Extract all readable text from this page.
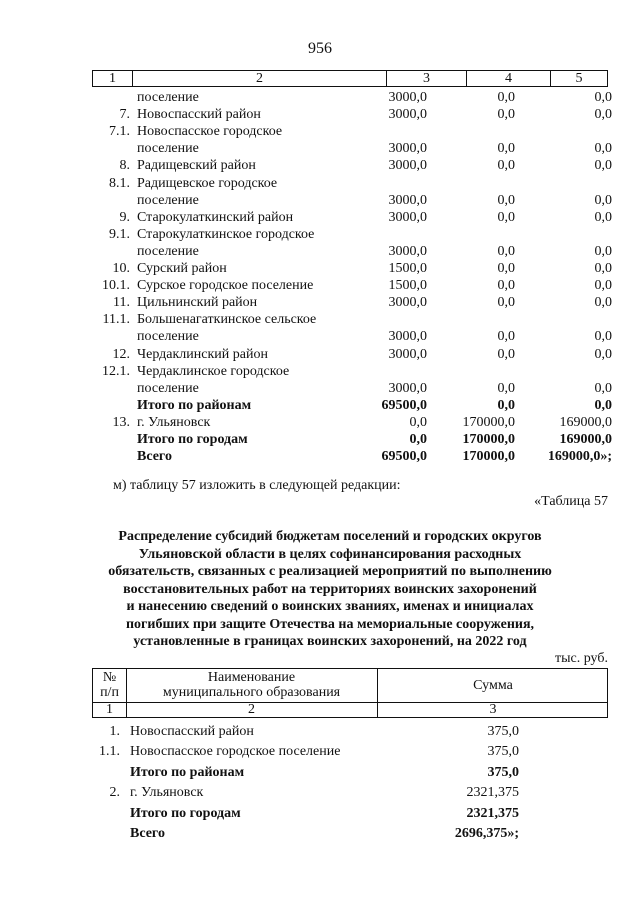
956
1	2	3	4	5
поселение	3000,0	0,0	0,0
7. Новоспасский район	3000,0	0,0	0,0
7.1. Новоспасское городское
поселение	3000,0	0,0	0,0
8. Радищевский район	3000,0	0,0	0,0
8.1. Радищевское городское
поселение	3000,0	0,0	0,0
9. Старокулаткинский район	3000,0	0,0	0,0
9.1. Старокулаткинское городское
поселение	3000,0	0,0	0,0
10. Сурский район	1500,0	0,0	0,0
10.1. Сурское городское поселение	1500,0	0,0	0,0
11. Цильнинский район	3000,0	0,0	0,0
11.1. Большенагаткинское сельское
поселение	3000,0	0,0	0,0
12. Чердаклинский район	3000,0	0,0	0,0
12.1. Чердаклинское городское
поселение	3000,0	0,0	0,0
Итого по районам	69500,0	0,0	0,0
13. г. Ульяновск	0,0	170000,0	169000,0
Итого по городам	0,0	170000,0	169000,0
Всего	69500,0	170000,0	169000,0»;
м) таблицу 57 изложить в следующей редакции:
«Таблица 57
Распределение субсидий бюджетам поселений и городских округов
Ульяновской области в целях софинансирования расходных
обязательств, связанных с реализацией мероприятий по выполнению
восстановительных работ на территориях воинских захоронений
и нанесению сведений о воинских званиях, именах и инициалах
погибших при защите Отечества на мемориальные сооружения,
установленные в границах воинских захоронений, на 2022 год
тыс. руб.
№
п/п
Наименование
муниципального образования	Сумма
1	2	3
1. Новоспасский район	375,0
1.1. Новоспасское городское поселение	375,0
Итого по районам	375,0
2. г. Ульяновск	2321,375
Итого по городам	2321,375
Всего	2696,375»;
